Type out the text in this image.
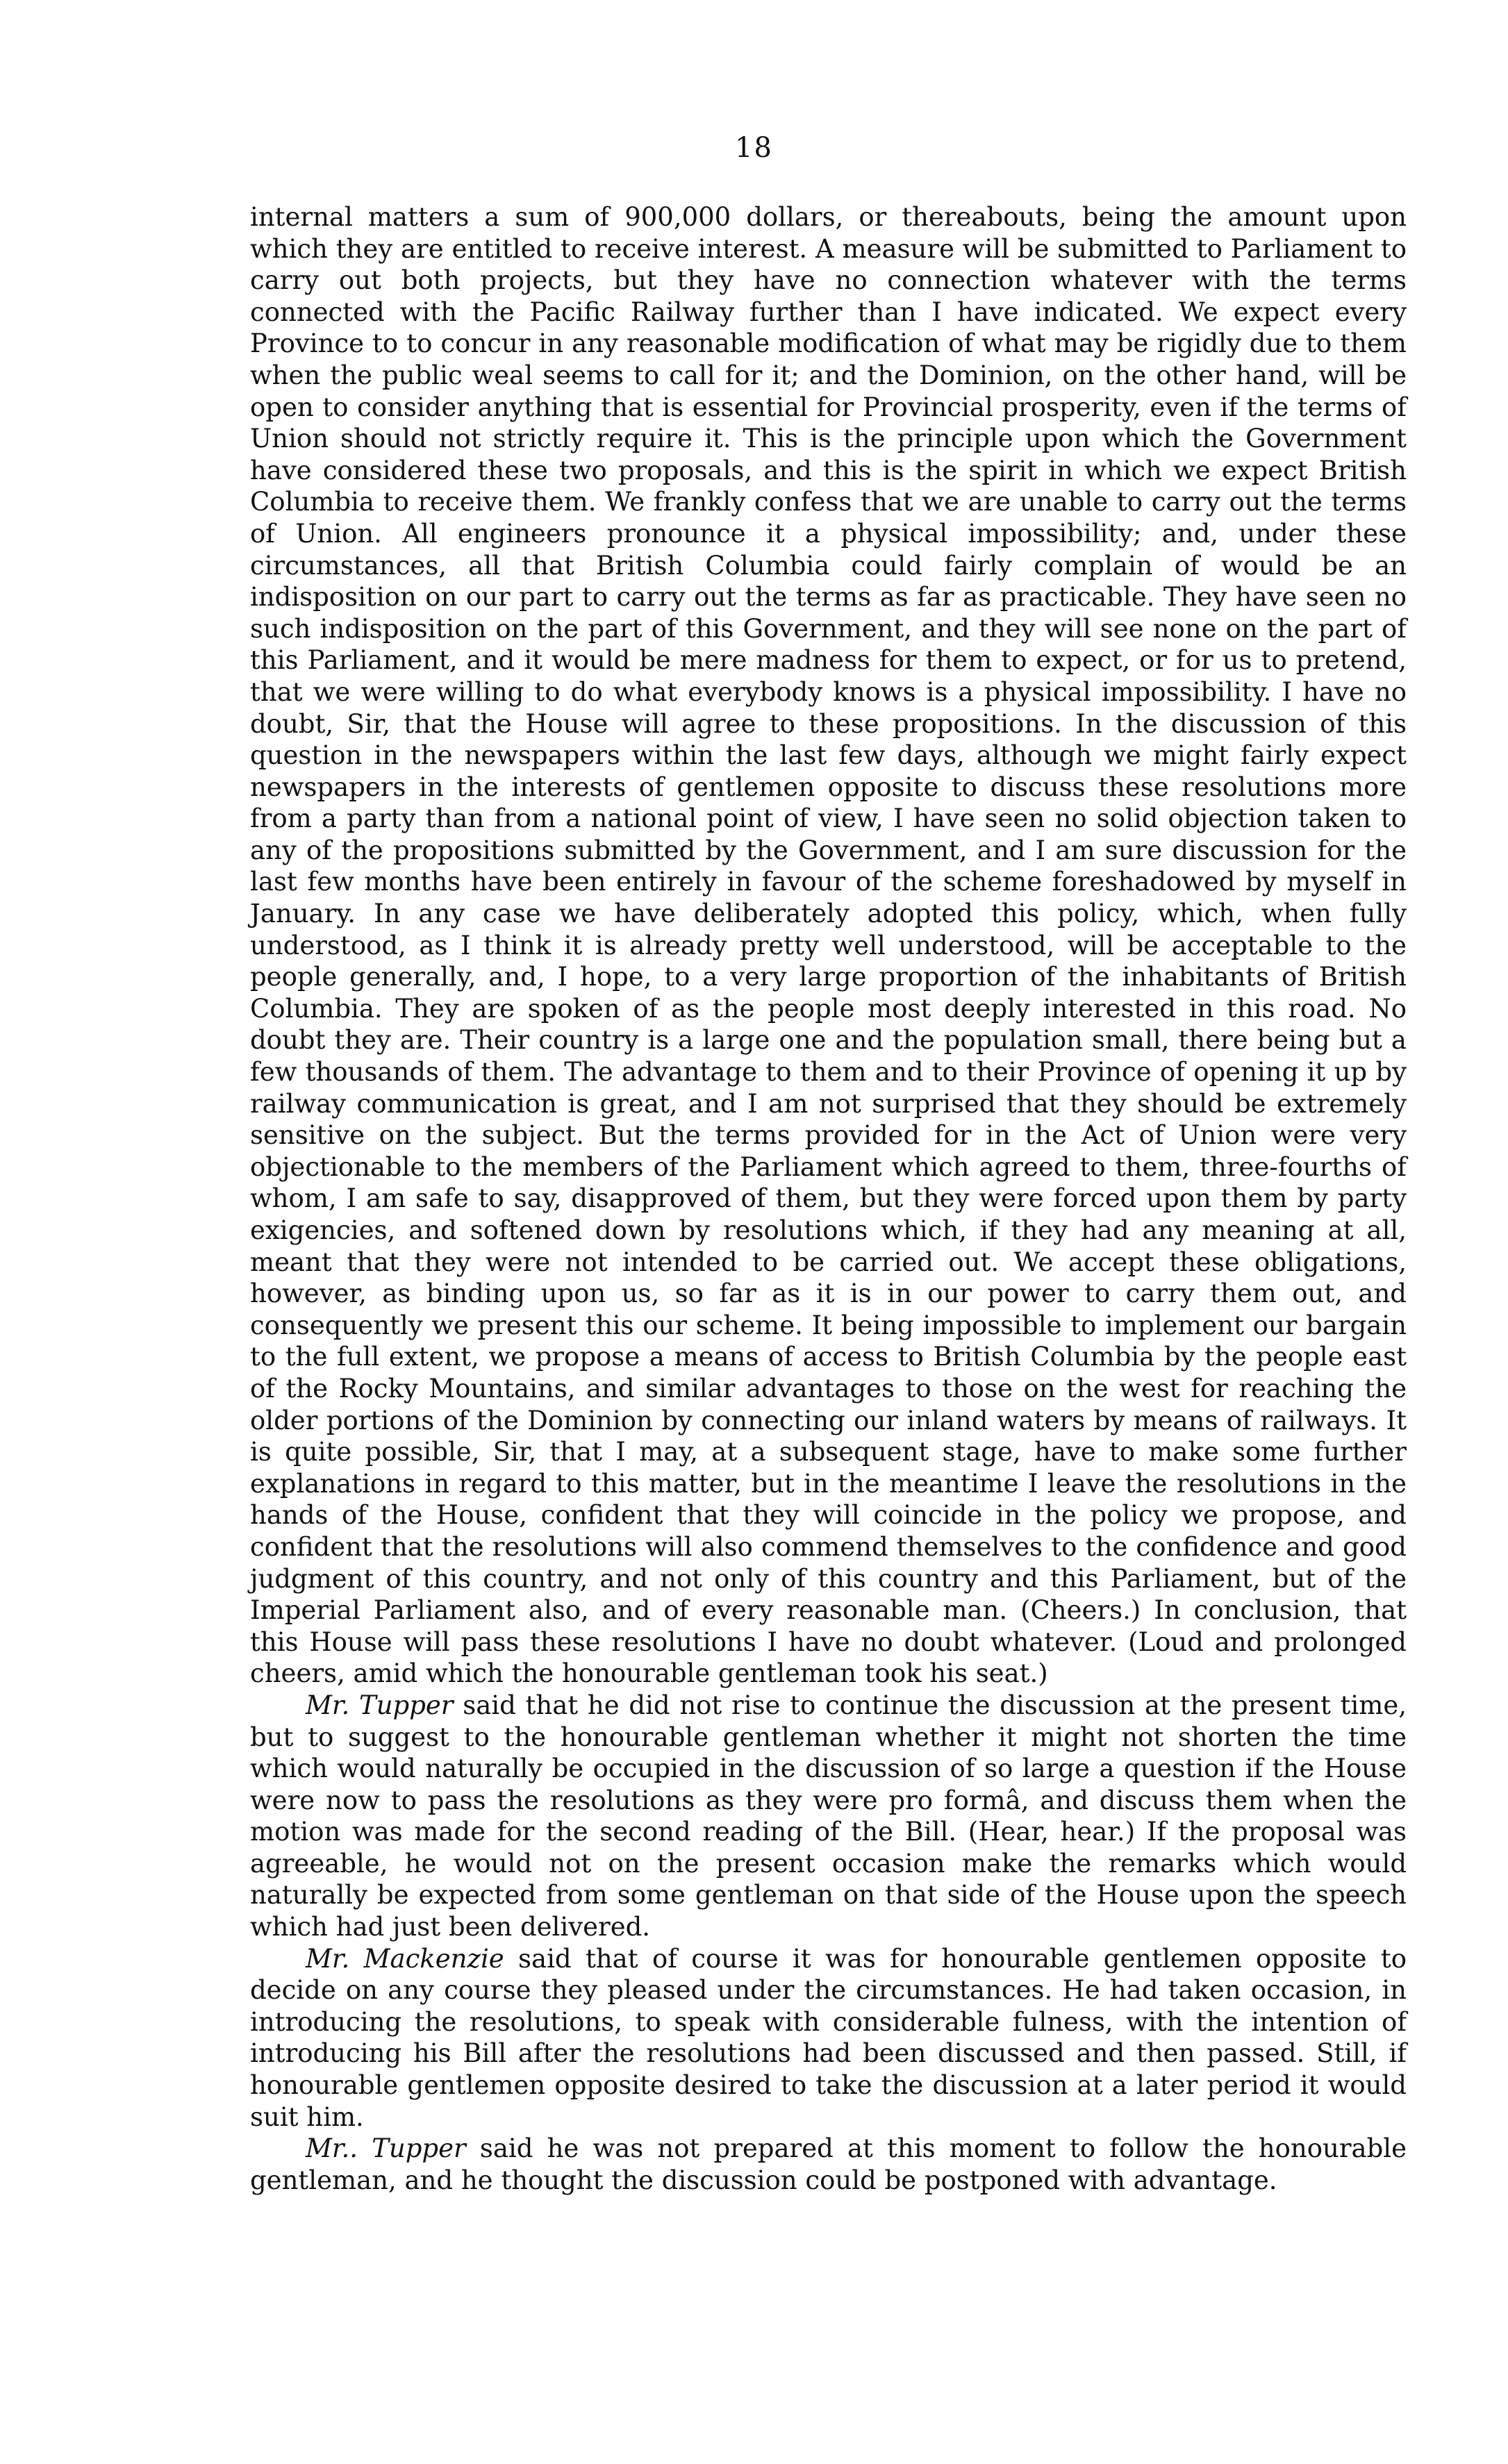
18

internal matters a sum of 900,000 dollars, or thereabouts, being the amount upon which they are entitled to receive interest. A measure will be submitted to Parliament to carry out both projects, but they have no connection whatever with the terms connected with the Pacific Railway further than I have indicated. We expect every Province to to concur in any reasonable modification of what may be rigidly due to them when the public weal seems to call for it; and the Dominion, on the other hand, will be open to consider anything that is essential for Provincial prosperity, even if the terms of Union should not strictly require it. This is the principle upon which the Government have considered these two proposals, and this is the spirit in which we expect British Columbia to receive them. We frankly confess that we are unable to carry out the terms of Union. All engineers pronounce it a physical impossibility; and, under these circumstances, all that British Columbia could fairly complain of would be an indisposition on our part to carry out the terms as far as practicable. They have seen no such indisposition on the part of this Government, and they will see none on the part of this Parliament, and it would be mere madness for them to expect, or for us to pretend, that we were willing to do what everybody knows is a physical impossibility. I have no doubt, Sir, that the House will agree to these propositions. In the discussion of this question in the newspapers within the last few days, although we might fairly expect newspapers in the interests of gentlemen opposite to discuss these resolutions more from a party than from a national point of view, I have seen no solid objection taken to any of the propositions submitted by the Government, and I am sure discussion for the last few months have been entirely in favour of the scheme foreshadowed by myself in January. In any case we have deliberately adopted this policy, which, when fully understood, as I think it is already pretty well understood, will be acceptable to the people generally, and, I hope, to a very large proportion of the inhabitants of British Columbia. They are spoken of as the people most deeply interested in this road. No doubt they are. Their country is a large one and the population small, there being but a few thousands of them. The advantage to them and to their Province of opening it up by railway communication is great, and I am not surprised that they should be extremely sensitive on the subject. But the terms provided for in the Act of Union were very objectionable to the members of the Parliament which agreed to them, three-fourths of whom, I am safe to say, disapproved of them, but they were forced upon them by party exigencies, and softened down by resolutions which, if they had any meaning at all, meant that they were not intended to be carried out. We accept these obligations, however, as binding upon us, so far as it is in our power to carry them out, and consequently we present this our scheme. It being impossible to implement our bargain to the full extent, we propose a means of access to British Columbia by the people east of the Rocky Mountains, and similar advantages to those on the west for reaching the older portions of the Dominion by connecting our inland waters by means of railways. It is quite possible, Sir, that I may, at a subsequent stage, have to make some further explanations in regard to this matter, but in the meantime I leave the resolutions in the hands of the House, confident that they will coincide in the policy we propose, and confident that the resolutions will also commend themselves to the confidence and good judgment of this country, and not only of this country and this Parliament, but of the Imperial Parliament also, and of every reasonable man. (Cheers.) In conclusion, that this House will pass these resolutions I have no doubt whatever. (Loud and prolonged cheers, amid which the honourable gentleman took his seat.)

Mr. Tupper said that he did not rise to continue the discussion at the present time, but to suggest to the honourable gentleman whether it might not shorten the time which would naturally be occupied in the discussion of so large a question if the House were now to pass the resolutions as they were pro formâ, and discuss them when the motion was made for the second reading of the Bill. (Hear, hear.) If the proposal was agreeable, he would not on the present occasion make the remarks which would naturally be expected from some gentleman on that side of the House upon the speech which had just been delivered.

Mr. Mackenzie said that of course it was for honourable gentlemen opposite to decide on any course they pleased under the circumstances. He had taken occasion, in introducing the resolutions, to speak with considerable fulness, with the intention of introducing his Bill after the resolutions had been discussed and then passed. Still, if honourable gentlemen opposite desired to take the discussion at a later period it would suit him.

Mr.. Tupper said he was not prepared at this moment to follow the honourable gentleman, and he thought the discussion could be postponed with advantage.
